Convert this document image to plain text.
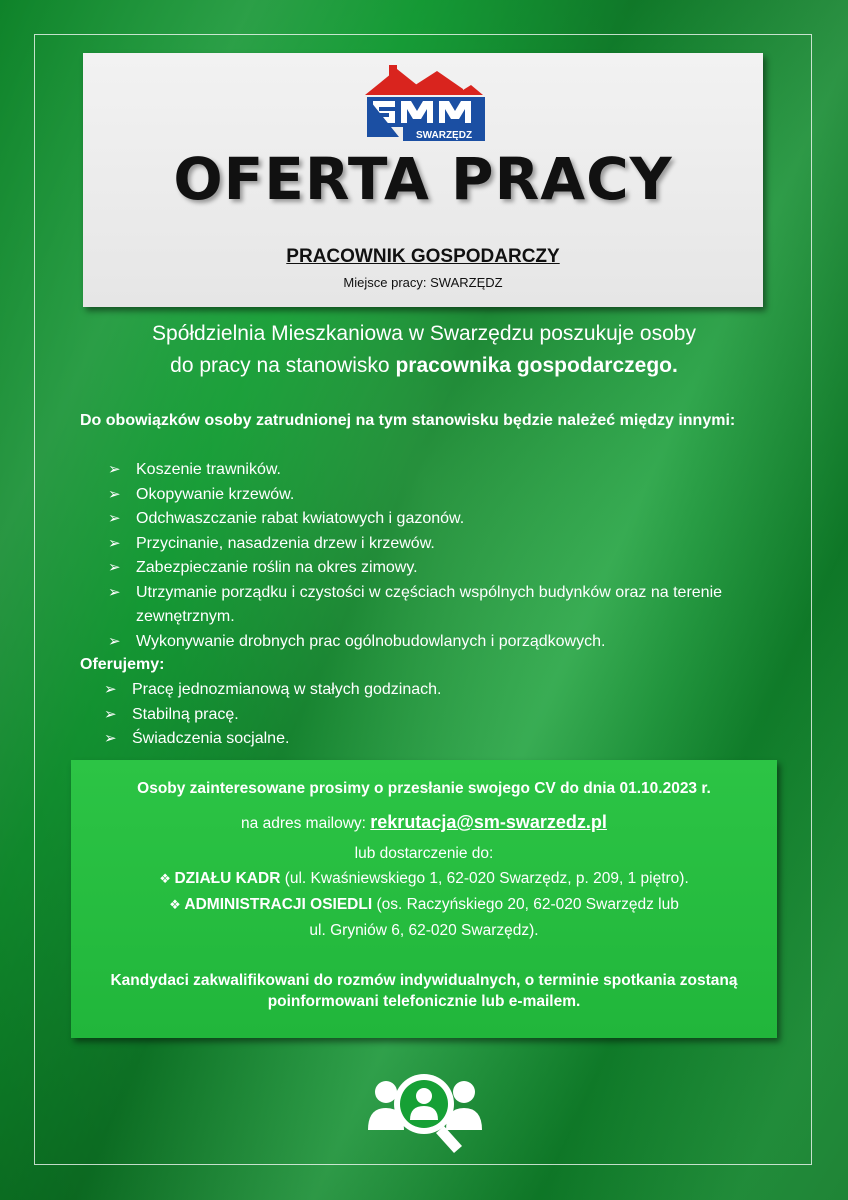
SWARZĘDZ
OFERTA PRACY
PRACOWNIK GOSPODARCZY
Miejsce pracy: SWARZĘDZ
Spółdzielnia Mieszkaniowa w Swarzędzu poszukuje osoby
do pracy na stanowisko pracownika gospodarczego.
Do obowiązków osoby zatrudnionej na tym stanowisku będzie należeć między innymi:
➢ Koszenie trawników.
➢ Okopywanie krzewów.
➢ Odchwaszczanie rabat kwiatowych i gazonów.
➢ Przycinanie, nasadzenia drzew i krzewów.
➢ Zabezpieczanie roślin na okres zimowy.
➢ Utrzymanie porządku i czystości w częściach wspólnych budynków oraz na terenie zewnętrznym.
➢ Wykonywanie drobnych prac ogólnobudowlanych i porządkowych.
Oferujemy:
➢ Pracę jednozmianową w stałych godzinach.
➢ Stabilną pracę.
➢ Świadczenia socjalne.
Osoby zainteresowane prosimy o przesłanie swojego CV do dnia 01.10.2023 r.
na adres mailowy: rekrutacja@sm-swarzedz.pl
lub dostarczenie do:
❖ DZIAŁU KADR (ul. Kwaśniewskiego 1, 62-020 Swarzędz, p. 209, 1 piętro).
❖ ADMINISTRACJI OSIEDLI (os. Raczyńskiego 20, 62-020 Swarzędz lub
ul. Gryniów 6, 62-020 Swarzędz).
Kandydaci zakwalifikowani do rozmów indywidualnych, o terminie spotkania zostaną
poinformowani telefonicznie lub e-mailem.
